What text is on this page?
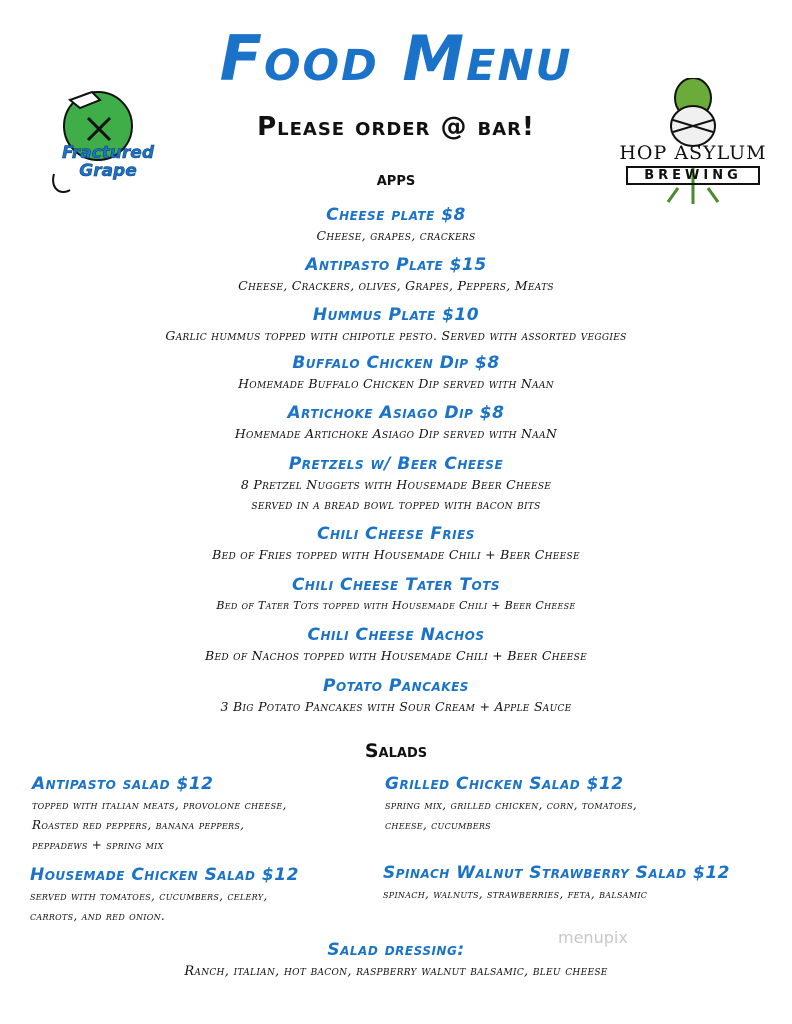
Food Menu
Please order @ bar!
Fractured Grape
HOP ASYLUM
BREWING
apps
Cheese plate $8
Cheese, grapes, crackers
Antipasto Plate $15
Cheese, Crackers, olives, Grapes, Peppers, Meats
Hummus Plate $10
Garlic hummus topped with chipotle pesto. Served with assorted veggies
Buffalo Chicken Dip $8
Homemade Buffalo Chicken Dip served with Naan
Artichoke Asiago Dip $8
Homemade Artichoke Asiago Dip served with NaaN
Pretzels w/ Beer Cheese
8 Pretzel Nuggets with Housemade Beer Cheese
served in a bread bowl topped with bacon bits
Chili Cheese Fries
Bed of Fries topped with Housemade Chili + Beer Cheese
Chili Cheese Tater Tots
Bed of Tater Tots topped with Housemade Chili + Beer Cheese
Chili Cheese Nachos
Bed of Nachos topped with Housemade Chili + Beer Cheese
Potato Pancakes
3 Big Potato Pancakes with Sour Cream + Apple Sauce
Salads
Antipasto salad $12
topped with italian meats, provolone cheese,
Roasted red peppers, banana peppers,
peppadews + spring mix
Grilled Chicken Salad $12
spring mix, grilled chicken, corn, tomatoes,
cheese, cucumbers
Housemade Chicken Salad $12
served with tomatoes, cucumbers, celery,
carrots, and red onion.
Spinach Walnut Strawberry Salad $12
spinach, walnuts, strawberries, feta, balsamic
menupix
Salad dressing:
Ranch, italian, hot bacon, raspberry walnut balsamic, bleu cheese
